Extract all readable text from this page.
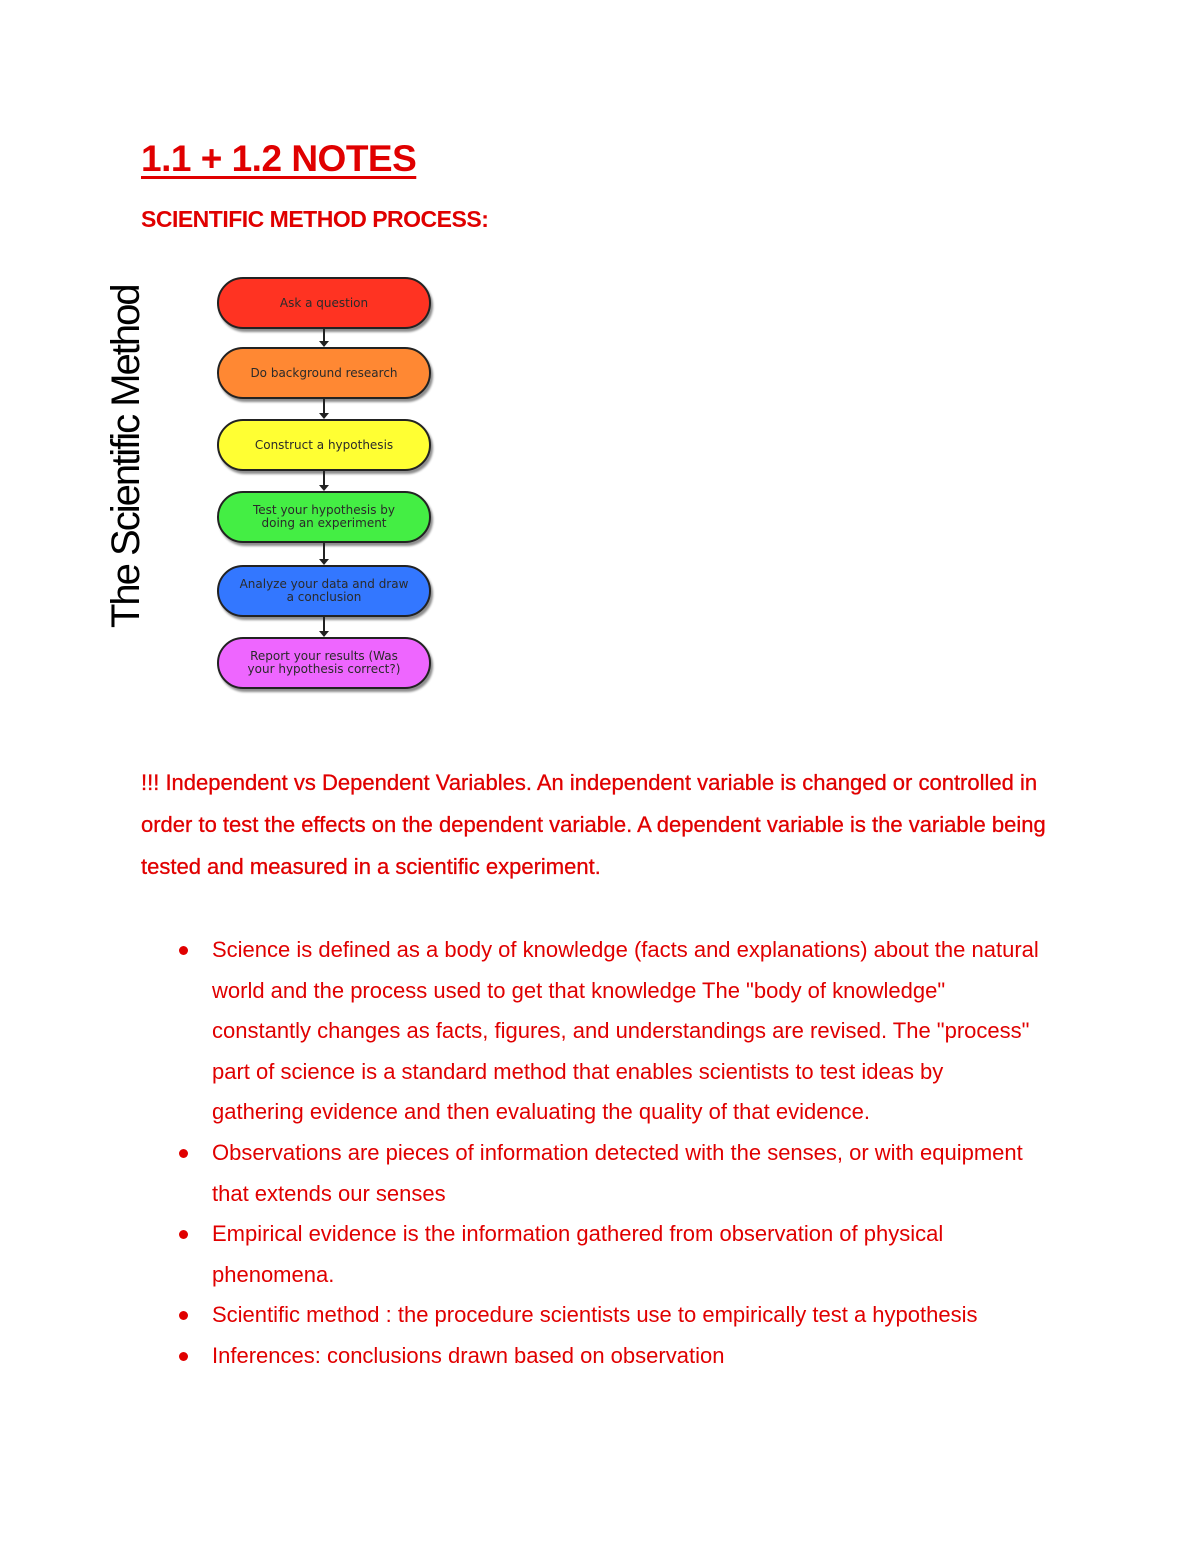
1.1 + 1.2 NOTES
SCIENTIFIC METHOD PROCESS:
The Scientific Method	Ask a question
Do background research
Construct a hypothesis
Test your hypothesis by doing an experiment
Analyze your data and draw a conclusion
Report your results (Was your hypothesis correct?)

!!! Independent vs Dependent Variables. An independent variable is changed or controlled in order to test the effects on the dependent variable. A dependent variable is the variable being tested and measured in a scientific experiment.

Science is defined as a body of knowledge (facts and explanations) about the natural world and the process used to get that knowledge The "body of knowledge" constantly changes as facts, figures, and understandings are revised. The "process" part of science is a standard method that enables scientists to test ideas by gathering evidence and then evaluating the quality of that evidence.
Observations are pieces of information detected with the senses, or with equipment that extends our senses
Empirical evidence is the information gathered from observation of physical phenomena.
Scientific method : the procedure scientists use to empirically test a hypothesis
Inferences: conclusions drawn based on observation
